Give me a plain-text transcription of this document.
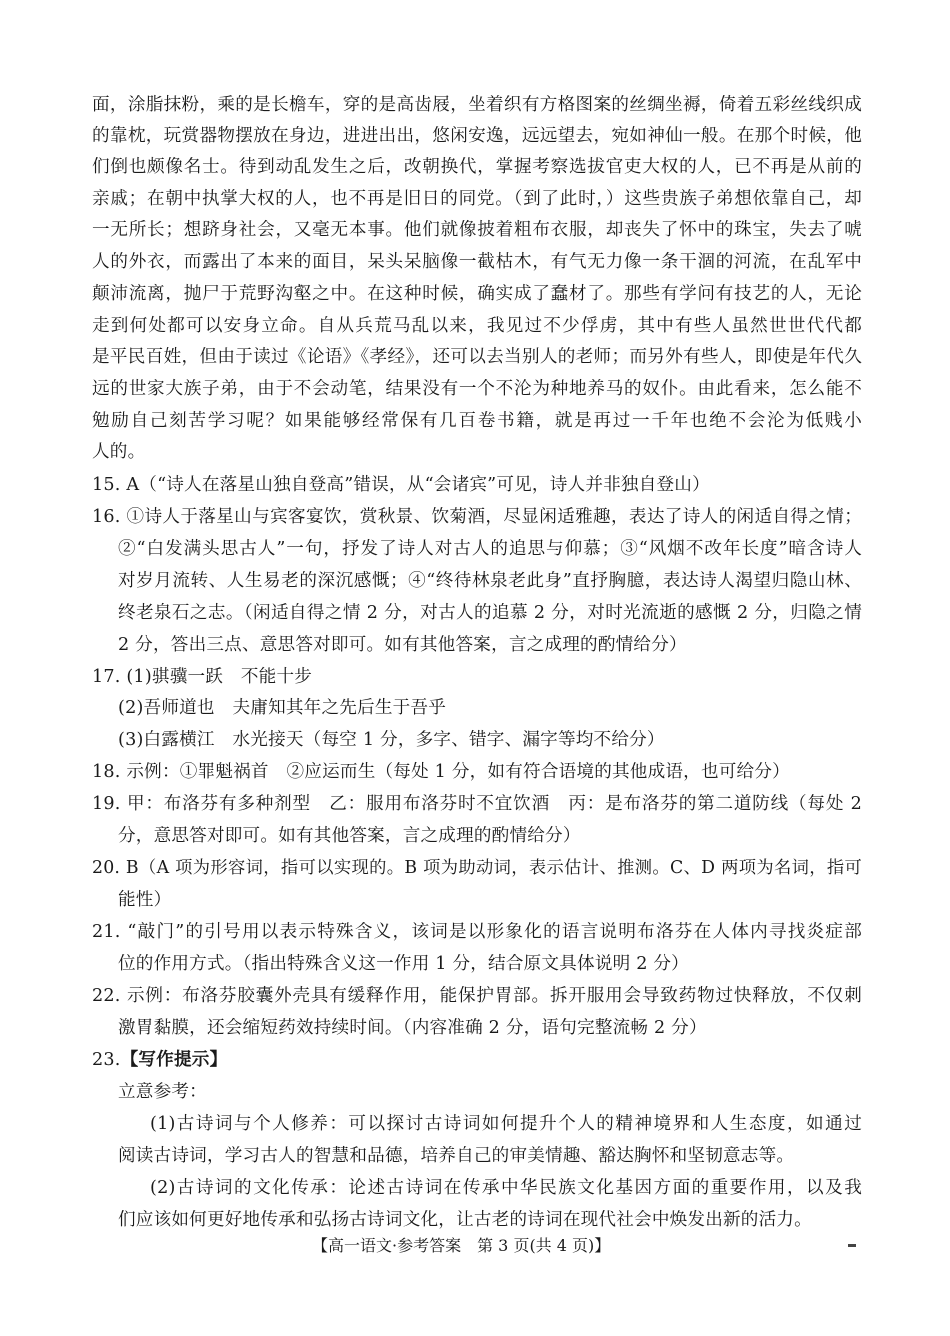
面，涂脂抹粉，乘的是长檐车，穿的是高齿屐，坐着织有方格图案的丝绸坐褥，倚着五彩丝线织成
的靠枕，玩赏器物摆放在身边，进进出出，悠闲安逸，远远望去，宛如神仙一般。在那个时候，他
们倒也颇像名士。待到动乱发生之后，改朝换代，掌握考察选拔官吏大权的人，已不再是从前的
亲戚；在朝中执掌大权的人，也不再是旧日的同党。（到了此时，）这些贵族子弟想依靠自己，却
一无所长；想跻身社会，又毫无本事。他们就像披着粗布衣服，却丧失了怀中的珠宝，失去了唬
人的外衣，而露出了本来的面目，呆头呆脑像一截枯木，有气无力像一条干涸的河流，在乱军中
颠沛流离，抛尸于荒野沟壑之中。在这种时候，确实成了蠢材了。那些有学问有技艺的人，无论
走到何处都可以安身立命。自从兵荒马乱以来，我见过不少俘虏，其中有些人虽然世世代代都
是平民百姓，但由于读过《论语》《孝经》，还可以去当别人的老师；而另外有些人，即使是年代久
远的世家大族子弟，由于不会动笔，结果没有一个不沦为种地养马的奴仆。由此看来，怎么能不
勉励自己刻苦学习呢？如果能够经常保有几百卷书籍，就是再过一千年也绝不会沦为低贱小
人的。
15. A（“诗人在落星山独自登高”错误，从“会诸宾”可见，诗人并非独自登山）
16. ①诗人于落星山与宾客宴饮，赏秋景、饮菊酒，尽显闲适雅趣，表达了诗人的闲适自得之情；
②“白发满头思古人”一句，抒发了诗人对古人的追思与仰慕；③“风烟不改年长度”暗含诗人
对岁月流转、人生易老的深沉感慨；④“终待林泉老此身”直抒胸臆，表达诗人渴望归隐山林、
终老泉石之志。（闲适自得之情 2 分，对古人的追慕 2 分，对时光流逝的感慨 2 分，归隐之情
2 分，答出三点、意思答对即可。如有其他答案，言之成理的酌情给分）
17. (1)骐骥一跃　不能十步
(2)吾师道也　夫庸知其年之先后生于吾乎
(3)白露横江　水光接天（每空 1 分，多字、错字、漏字等均不给分）
18. 示例：①罪魁祸首　②应运而生（每处 1 分，如有符合语境的其他成语，也可给分）
19. 甲：布洛芬有多种剂型　乙：服用布洛芬时不宜饮酒　丙：是布洛芬的第二道防线（每处 2
分，意思答对即可。如有其他答案，言之成理的酌情给分）
20. B（A 项为形容词，指可以实现的。B 项为助动词，表示估计、推测。C、D 两项为名词，指可
能性）
21. “敲门”的引号用以表示特殊含义，该词是以形象化的语言说明布洛芬在人体内寻找炎症部
位的作用方式。（指出特殊含义这一作用 1 分，结合原文具体说明 2 分）
22. 示例：布洛芬胶囊外壳具有缓释作用，能保护胃部。拆开服用会导致药物过快释放，不仅刺
激胃黏膜，还会缩短药效持续时间。（内容准确 2 分，语句完整流畅 2 分）
23.【写作提示】
立意参考：
(1)古诗词与个人修养：可以探讨古诗词如何提升个人的精神境界和人生态度，如通过
阅读古诗词，学习古人的智慧和品德，培养自己的审美情趣、豁达胸怀和坚韧意志等。
(2)古诗词的文化传承：论述古诗词在传承中华民族文化基因方面的重要作用，以及我
们应该如何更好地传承和弘扬古诗词文化，让古老的诗词在现代社会中焕发出新的活力。
【高一语文·参考答案　第 3 页(共 4 页)】
